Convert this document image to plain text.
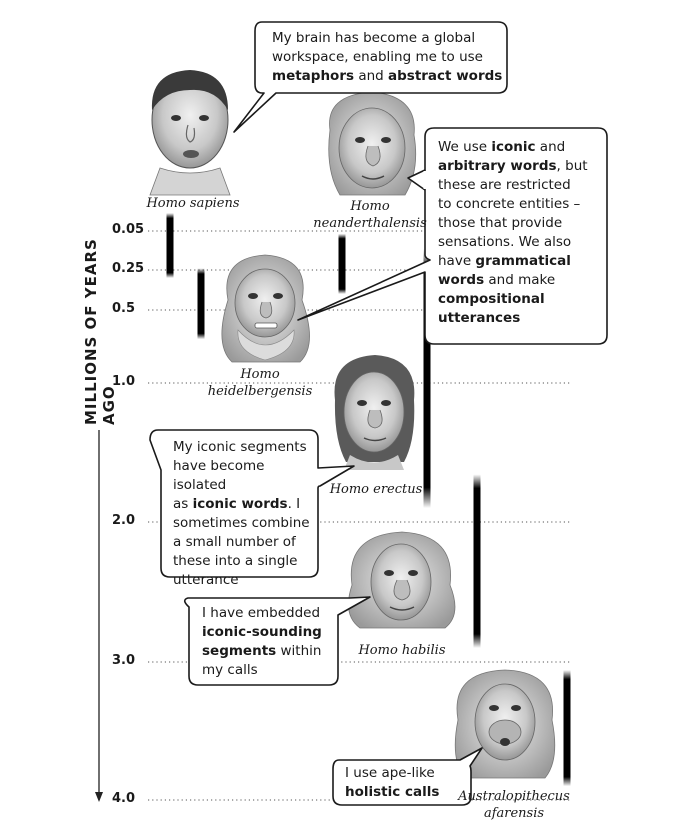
MILLIONS OF YEARS AGO
0.05
0.25
0.5
1.0
2.0
3.0
4.0
Homo sapiens	Homo
neanderthalensis
Homo
heidelbergensis
Homo erectus
Homo habilis
Australopithecus
afarensis
My brain has become a global
workspace, enabling me to use
metaphors and abstract words
We use iconic and
arbitrary words, but
these are restricted
to concrete entities –
those that provide
sensations. We also
have grammatical
words and make
compositional
utterances
My iconic segments
have become isolated
as iconic words. I
sometimes combine
a small number of
these into a single
utterance
I have embedded
iconic-sounding
segments within
my calls
I use ape-like
holistic calls
